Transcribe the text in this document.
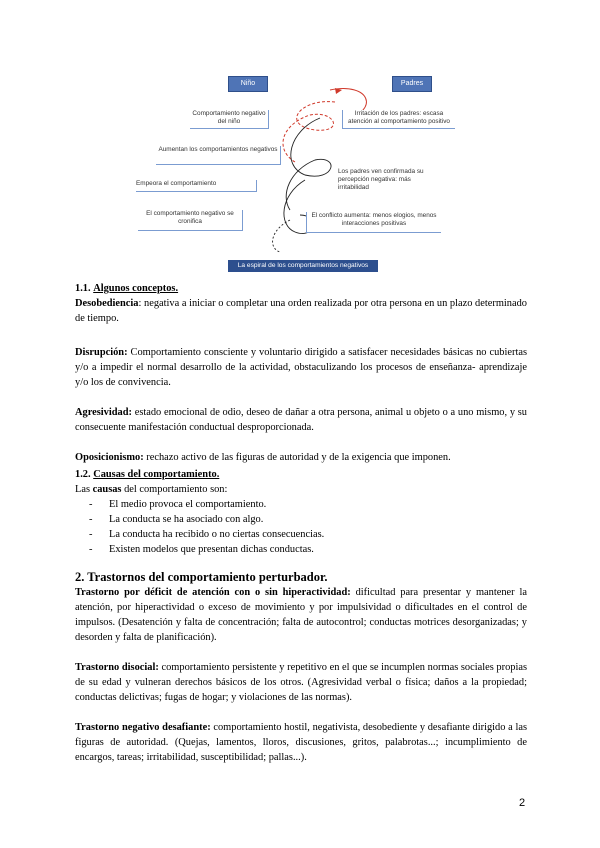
Niño	Padres
Comportamiento negativo del niño
Aumentan los comportamientos negativos
Empeora el comportamiento
El comportamiento negativo se cronifica
Irritación de los padres: escasa atención al comportamiento positivo
Los padres ven confirmada su percepción negativa: más irritabilidad
El conflicto aumenta: menos elogios, menos interacciones positivas
La espiral de los comportamientos negativos

1.1. Algunos conceptos.

Desobediencia: negativa a iniciar o completar una orden realizada por otra persona en un plazo determinado de tiempo.

Disrupción: Comportamiento consciente y voluntario dirigido a satisfacer necesidades básicas no cubiertas y/o a impedir el normal desarrollo de la actividad, obstaculizando los procesos de enseñanza- aprendizaje y/o los de convivencia.

Agresividad: estado emocional de odio, deseo de dañar a otra persona, animal u objeto o a uno mismo, y su consecuente manifestación conductual desproporcionada.

Oposicionismo: rechazo activo de las figuras de autoridad y de la exigencia que imponen.

1.2. Causas del comportamiento.

Las causas del comportamiento son:

- El medio provoca el comportamiento.
- La conducta se ha asociado con algo.
- La conducta ha recibido o no ciertas consecuencias.
- Existen modelos que presentan dichas conductas.

2. Trastornos del comportamiento perturbador.

Trastorno por déficit de atención con o sin hiperactividad: dificultad para presentar y mantener la atención, por hiperactividad o exceso de movimiento y por impulsividad o dificultades en el control de impulsos. (Desatención y falta de concentración; falta de autocontrol; conductas motrices desorganizadas; y desorden y falta de planificación).

Trastorno disocial: comportamiento persistente y repetitivo en el que se incumplen normas sociales propias de su edad y vulneran derechos básicos de los otros. (Agresividad verbal o física; daños a la propiedad; conductas delictivas; fugas de hogar; y violaciones de las normas).

Trastorno negativo desafiante: comportamiento hostil, negativista, desobediente y desafiante dirigido a las figuras de autoridad. (Quejas, lamentos, lloros, discusiones, gritos, palabrotas...; incumplimiento de encargos, tareas; irritabilidad, susceptibilidad; pallas...).

2
